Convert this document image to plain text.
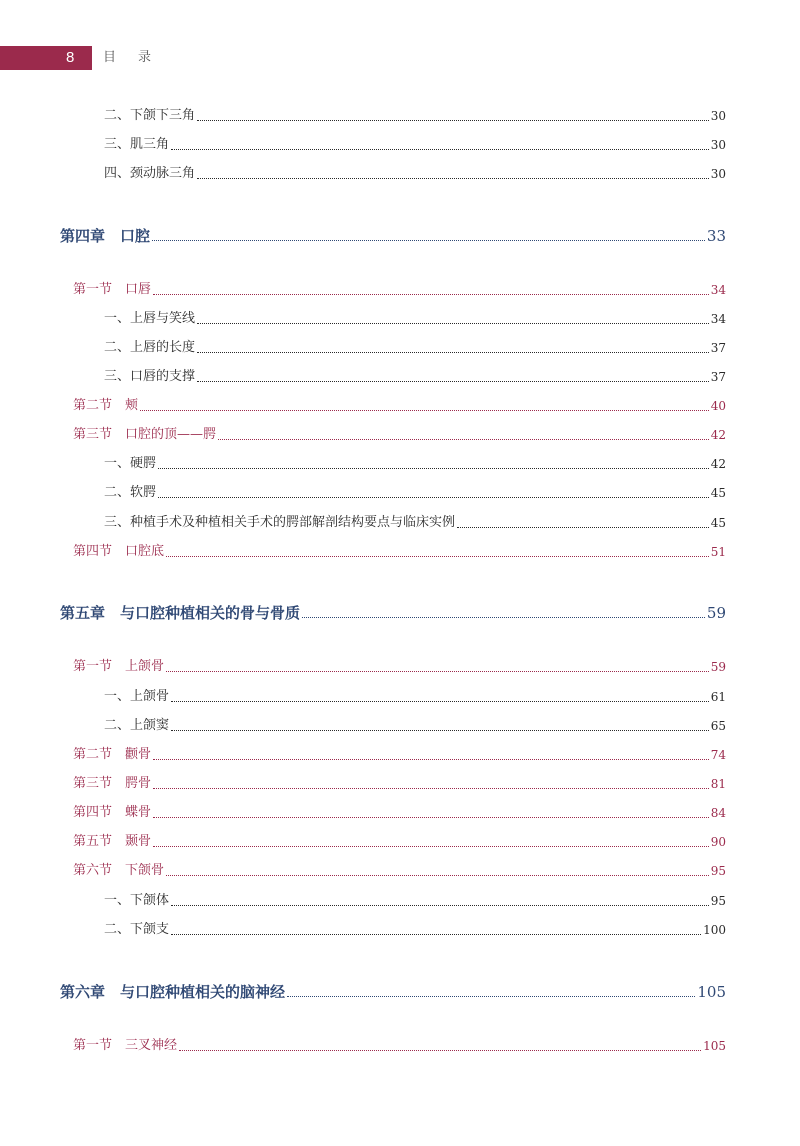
8	目录
二、下颌下三角	30
三、肌三角	30
四、颈动脉三角	30
第四章　口腔	33
第一节　口唇	34
一、上唇与笑线	34
二、上唇的长度	37
三、口唇的支撑	37
第二节　颊	40
第三节　口腔的顶——腭	42
一、硬腭	42
二、软腭	45
三、种植手术及种植相关手术的腭部解剖结构要点与临床实例	45
第四节　口腔底	51
第五章　与口腔种植相关的骨与骨质	59
第一节　上颌骨	59
一、上颌骨	61
二、上颌窦	65
第二节　颧骨	74
第三节　腭骨	81
第四节　蝶骨	84
第五节　颞骨	90
第六节　下颌骨	95
一、下颌体	95
二、下颌支	100
第六章　与口腔种植相关的脑神经	105
第一节　三叉神经	105
